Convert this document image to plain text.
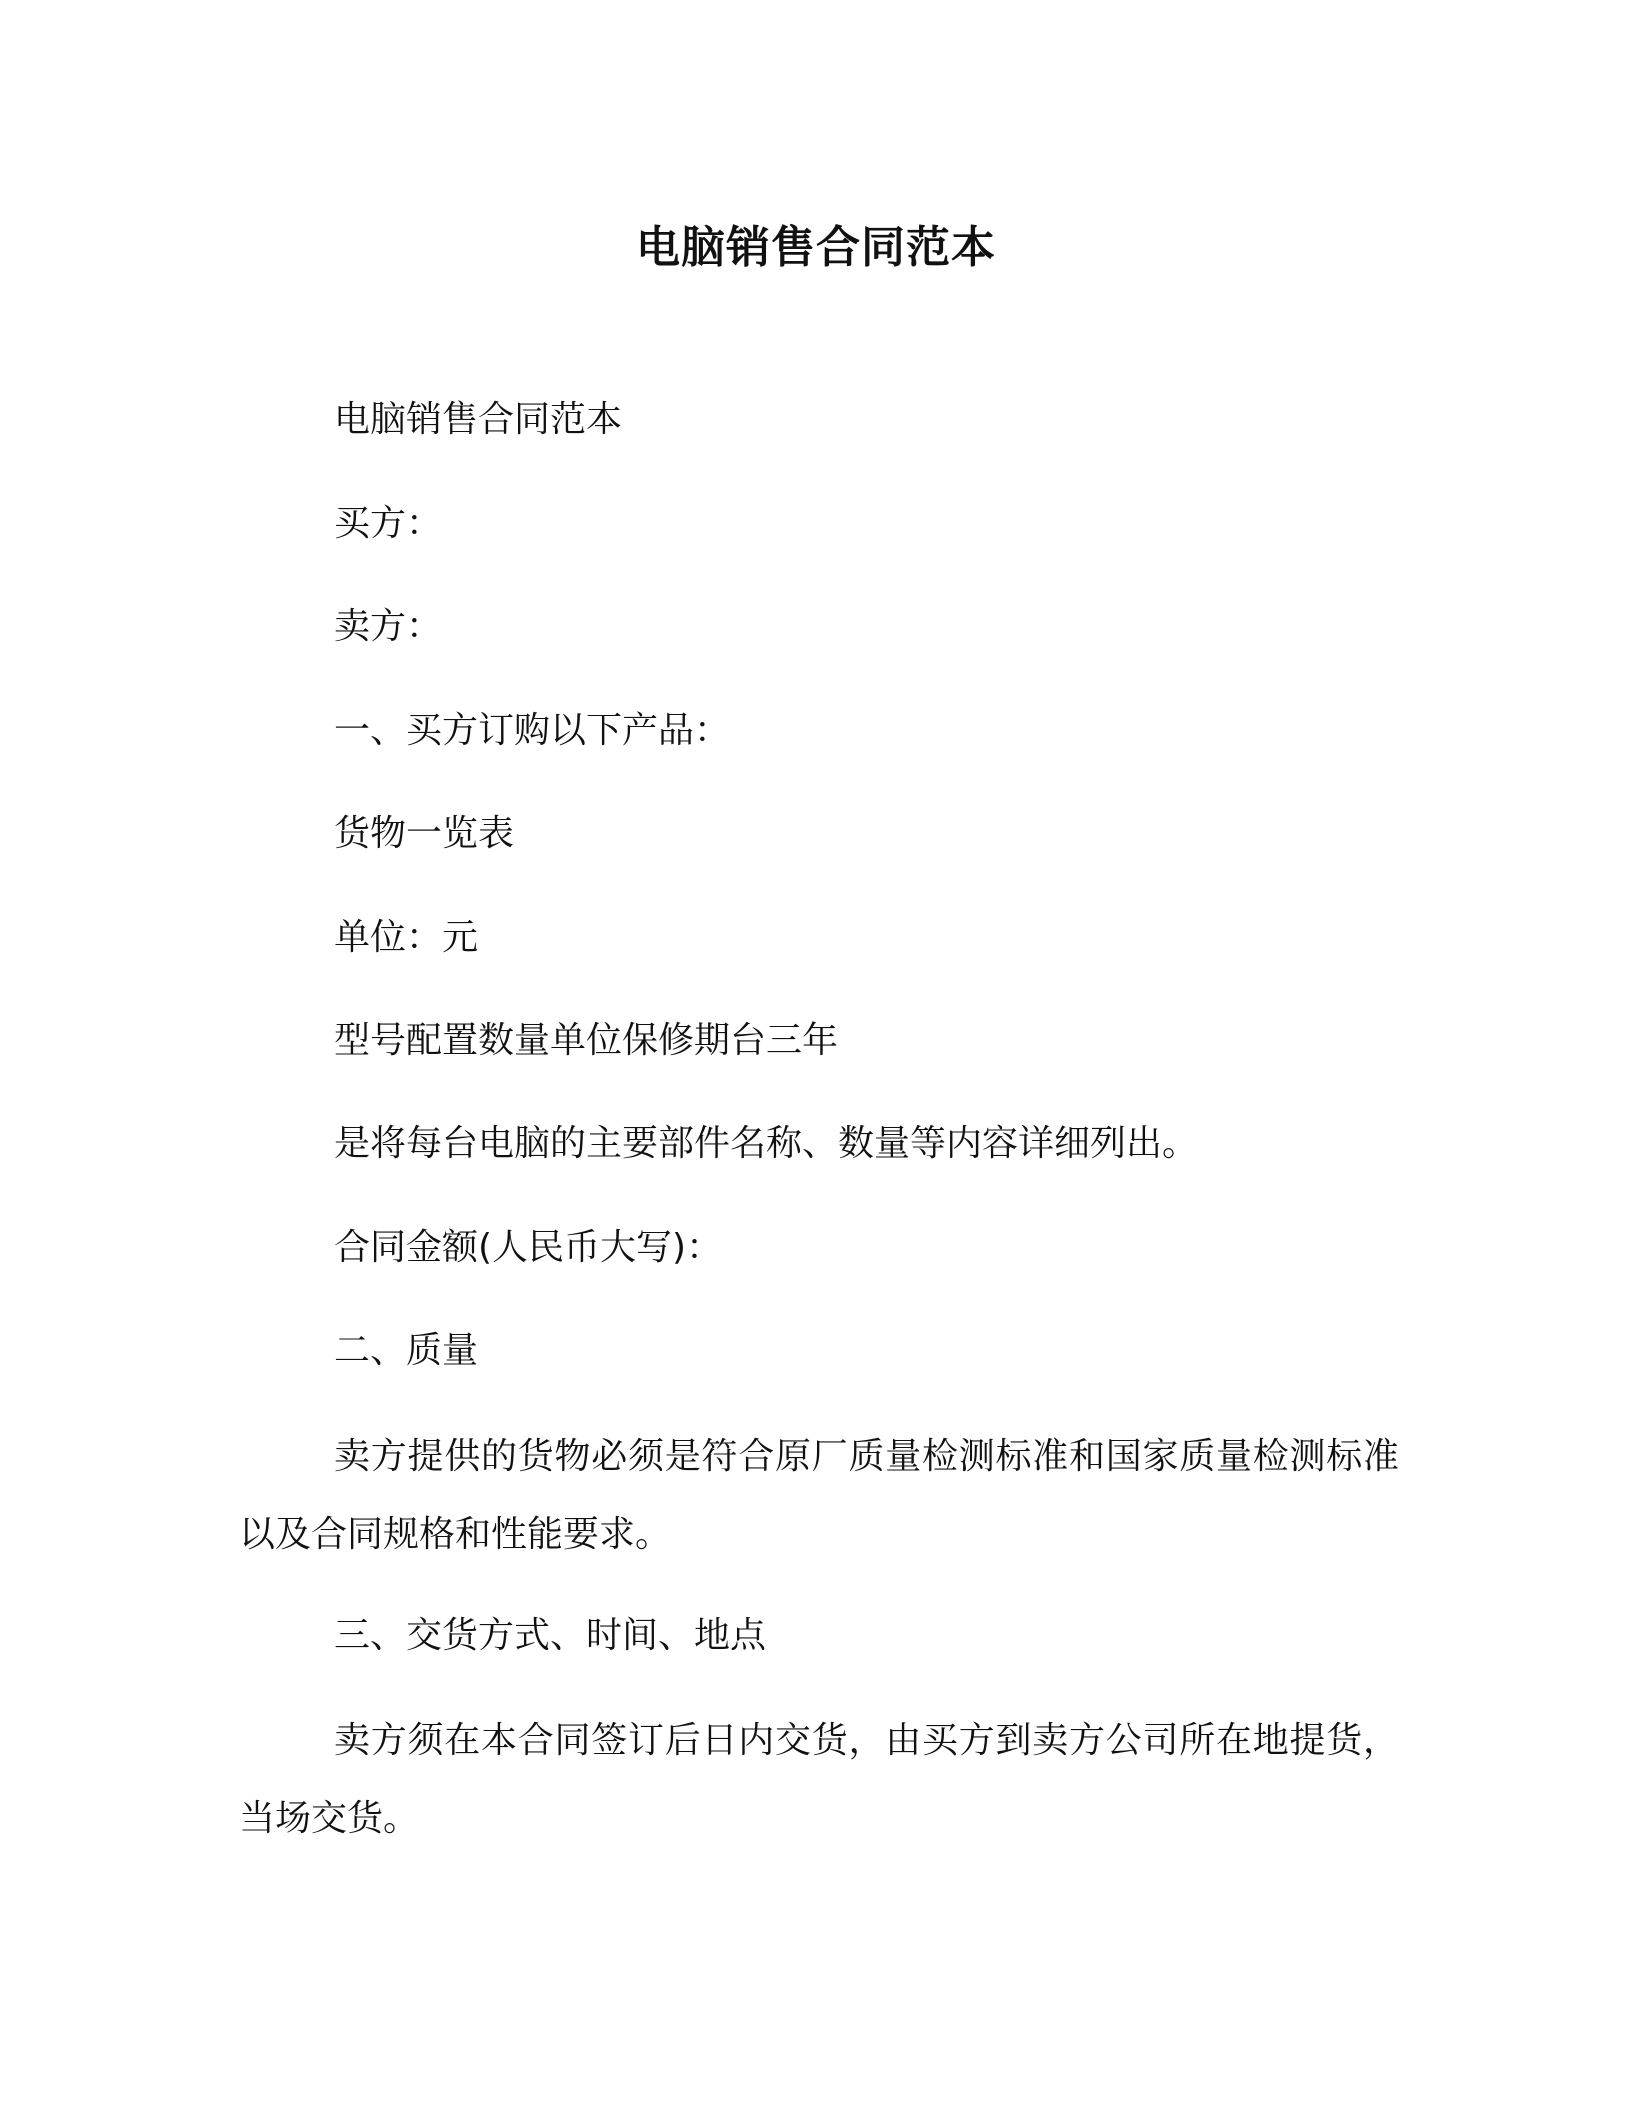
电脑销售合同范本
电脑销售合同范本
买方：
卖方：
一、买方订购以下产品：
货物一览表
单位：元
型号配置数量单位保修期台三年
是将每台电脑的主要部件名称、数量等内容详细列出。
合同金额(人民币大写)：
二、质量
卖方提供的货物必须是符合原厂质量检测标准和国家质量检测标准以及合同规格和性能要求。
三、交货方式、时间、地点
卖方须在本合同签订后日内交货，由买方到卖方公司所在地提货，当场交货。
